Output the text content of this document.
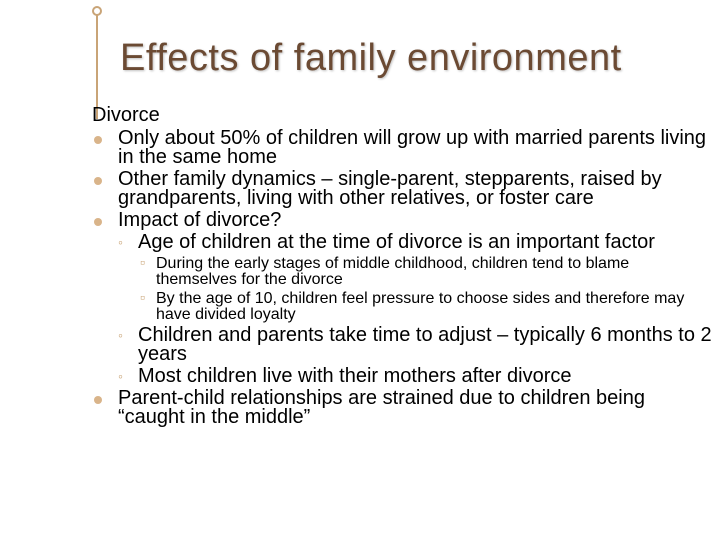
Effects of family environment
Divorce
Only about 50% of children will grow up with married parents living in the same home
Other family dynamics – single-parent, stepparents, raised by grandparents, living with other relatives, or foster care
Impact of divorce?
◦ Age of children at the time of divorce is an important factor
▫ During the early stages of middle childhood, children tend to blame themselves for the divorce
▫ By the age of 10, children feel pressure to choose sides and therefore may have divided loyalty
◦ Children and parents take time to adjust – typically 6 months to 2 years
◦ Most children live with their mothers after divorce
Parent-child relationships are strained due to children being “caught in the middle”
